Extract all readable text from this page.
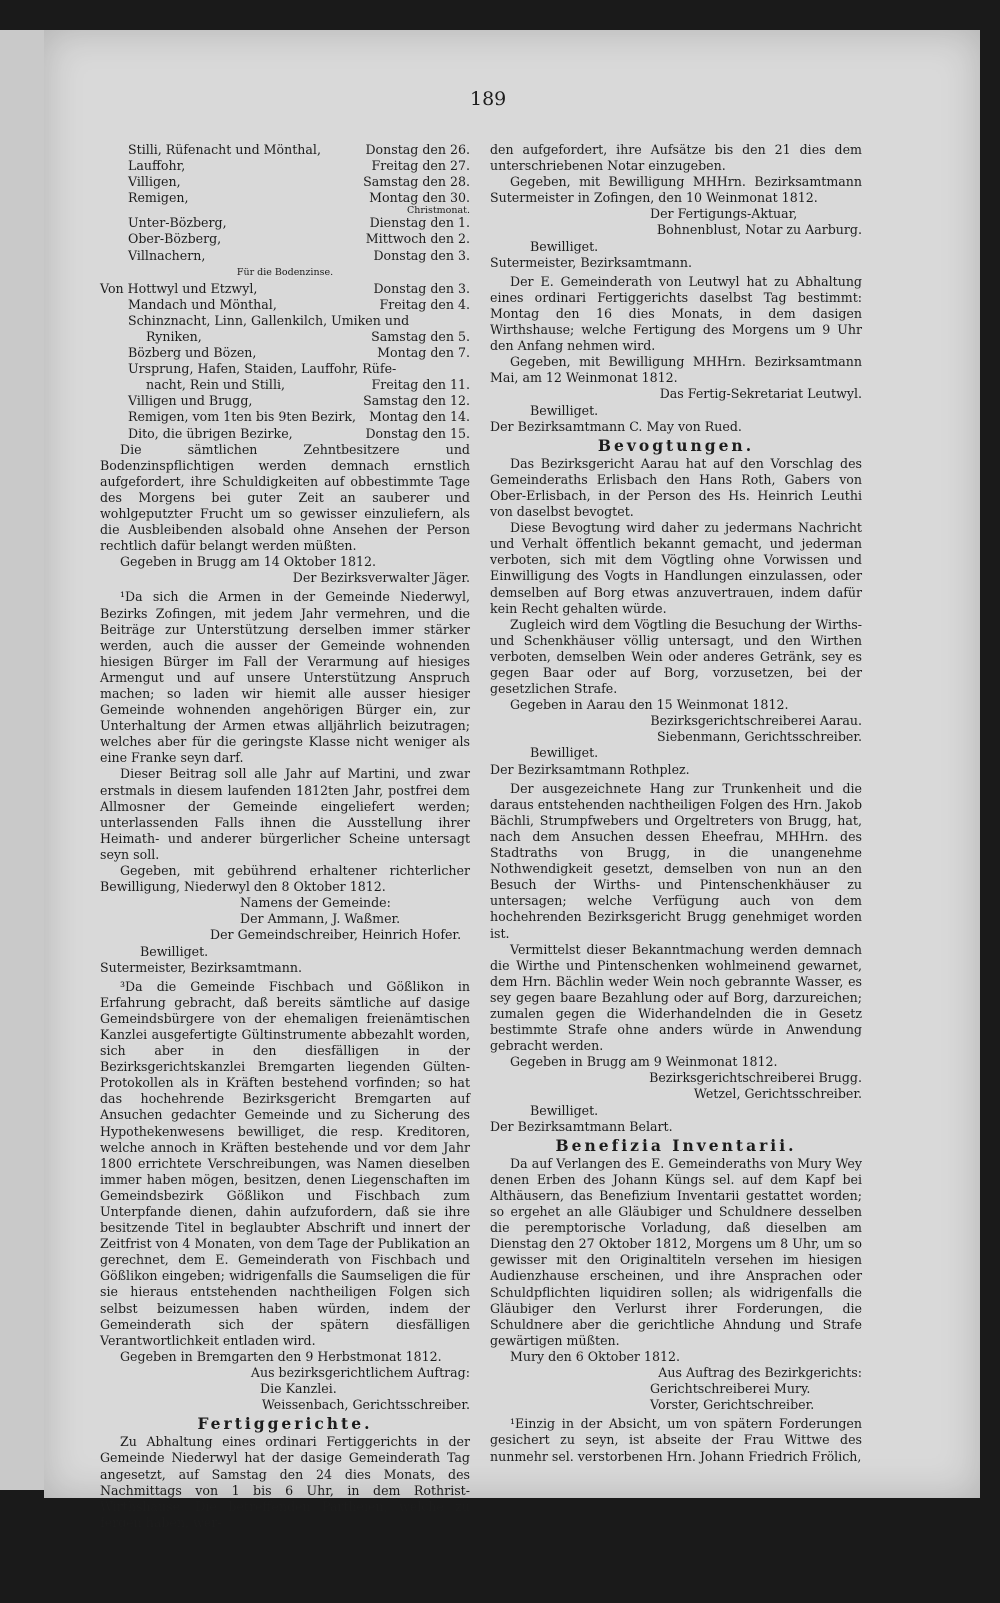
189
Stilli, Rüfenacht und Mönthal,	Donstag den 26.
Lauffohr,	Freitag den 27.
Villigen,	Samstag den 28.
Remigen,	Montag den 30.
Christmonat.
Unter-Bözberg,	Dienstag den 1.
Ober-Bözberg,	Mittwoch den 2.
Villnachern,	Donstag den 3.
Für die Bodenzinse.
Von Hottwyl und Etzwyl,	Donstag den 3.
Mandach und Mönthal,	Freitag den 4.
Schinznacht, Linn, Gallenkilch, Umiken und
Ryniken,	Samstag den 5.
Bözberg und Bözen,	Montag den 7.
Ursprung, Hafen, Staiden, Lauffohr, Rüfe-
nacht, Rein und Stilli,	Freitag den 11.
Villigen und Brugg,	Samstag den 12.
Remigen, vom 1ten bis 9ten Bezirk, Montag den 14.
Dito, die übrigen Bezirke,	Donstag den 15.

Die sämtlichen Zehntbesitzere und Bodenzinspflichtigen werden demnach ernstlich aufgefordert, ihre Schuldigkeiten auf obbestimmte Tage des Morgens bei guter Zeit an sauberer und wohlgeputzter Frucht um so gewisser einzuliefern, als die Ausbleibenden alsobald ohne Ansehen der Person rechtlich dafür belangt werden müßten.

Gegeben in Brugg am 14 Oktober 1812.

Der Bezirksverwalter Jäger.

¹Da sich die Armen in der Gemeinde Niederwyl, Bezirks Zofingen, mit jedem Jahr vermehren, und die Beiträge zur Unterstützung derselben immer stärker werden, auch die ausser der Gemeinde wohnenden hiesigen Bürger im Fall der Verarmung auf hiesiges Armengut und auf unsere Unterstützung Anspruch machen; so laden wir hiemit alle ausser hiesiger Gemeinde wohnenden angehörigen Bürger ein, zur Unterhaltung der Armen etwas alljährlich beizutragen; welches aber für die geringste Klasse nicht weniger als eine Franke seyn darf.

Dieser Beitrag soll alle Jahr auf Martini, und zwar erstmals in diesem laufenden 1812ten Jahr, postfrei dem Allmosner der Gemeinde eingeliefert werden; unterlassenden Falls ihnen die Ausstellung ihrer Heimath- und anderer bürgerlicher Scheine untersagt seyn soll.

Gegeben, mit gebührend erhaltener richterlicher Bewilligung, Niederwyl den 8 Oktober 1812.

Namens der Gemeinde:

Der Ammann, J. Waßmer.

Der Gemeindschreiber, Heinrich Hofer.

Bewilliget.

Sutermeister, Bezirksamtmann.

³Da die Gemeinde Fischbach und Gößlikon in Erfahrung gebracht, daß bereits sämtliche auf dasige Gemeindsbürgere von der ehemaligen freienämtischen Kanzlei ausgefertigte Gültinstrumente abbezahlt worden, sich aber in den diesfälligen in der Bezirksgerichtskanzlei Bremgarten liegenden Gülten-Protokollen als in Kräften bestehend vorfinden; so hat das hochehrende Bezirksgericht Bremgarten auf Ansuchen gedachter Gemeinde und zu Sicherung des Hypothekenwesens bewilliget, die resp. Kreditoren, welche annoch in Kräften bestehende und vor dem Jahr 1800 errichtete Verschreibungen, was Namen dieselben immer haben mögen, besitzen, denen Liegenschaften im Gemeindsbezirk Gößlikon und Fischbach zum Unterpfande dienen, dahin aufzufordern, daß sie ihre besitzende Titel in beglaubter Abschrift und innert der Zeitfrist von 4 Monaten, von dem Tage der Publikation an gerechnet, dem E. Gemeinderath von Fischbach und Gößlikon eingeben; widrigenfalls die Saumseligen die für sie hieraus entstehenden nachtheiligen Folgen sich selbst beizumessen haben würden, indem der Gemeinderath sich der spätern diesfälligen Verantwortlichkeit entladen wird.

Gegeben in Bremgarten den 9 Herbstmonat 1812.

Aus bezirksgerichtlichem Auftrag:

Die Kanzlei.

Weissenbach, Gerichtsschreiber.

Fertiggerichte.

Zu Abhaltung eines ordinari Fertiggerichts in der Gemeinde Niederwyl hat der dasige Gemeinderath Tag angesetzt, auf Samstag den 24 dies Monats, des Nachmittags von 1 bis 6 Uhr, in dem Rothrist-Wirthshause. Die betreffenden Partheien, welche zu fergen haben, wer-

den aufgefordert, ihre Aufsätze bis den 21 dies dem unterschriebenen Notar einzugeben.

Gegeben, mit Bewilligung MHHrn. Bezirksamtmann Sutermeister in Zofingen, den 10 Weinmonat 1812.

Der Fertigungs-Aktuar,

Bohnenblust, Notar zu Aarburg.

Bewilliget.

Sutermeister, Bezirksamtmann.

Der E. Gemeinderath von Leutwyl hat zu Abhaltung eines ordinari Fertiggerichts daselbst Tag bestimmt: Montag den 16 dies Monats, in dem dasigen Wirthshause; welche Fertigung des Morgens um 9 Uhr den Anfang nehmen wird.

Gegeben, mit Bewilligung MHHrn. Bezirksamtmann Mai, am 12 Weinmonat 1812.

Das Fertig-Sekretariat Leutwyl.

Bewilliget.

Der Bezirksamtmann C. May von Rued.

Bevogtungen.

Das Bezirksgericht Aarau hat auf den Vorschlag des Gemeinderaths Erlisbach den Hans Roth, Gabers von Ober-Erlisbach, in der Person des Hs. Heinrich Leuthi von daselbst bevogtet.

Diese Bevogtung wird daher zu jedermans Nachricht und Verhalt öffentlich bekannt gemacht, und jederman verboten, sich mit dem Vögtling ohne Vorwissen und Einwilligung des Vogts in Handlungen einzulassen, oder demselben auf Borg etwas anzuvertrauen, indem dafür kein Recht gehalten würde.

Zugleich wird dem Vögtling die Besuchung der Wirths- und Schenkhäuser völlig untersagt, und den Wirthen verboten, demselben Wein oder anderes Getränk, sey es gegen Baar oder auf Borg, vorzusetzen, bei der gesetzlichen Strafe.

Gegeben in Aarau den 15 Weinmonat 1812.

Bezirksgerichtschreiberei Aarau.

Siebenmann, Gerichtsschreiber.

Bewilliget.

Der Bezirksamtmann Rothplez.

Der ausgezeichnete Hang zur Trunkenheit und die daraus entstehenden nachtheiligen Folgen des Hrn. Jakob Bächli, Strumpfwebers und Orgeltreters von Brugg, hat, nach dem Ansuchen dessen Eheefrau, MHHrn. des Stadtraths von Brugg, in die unangenehme Nothwendigkeit gesetzt, demselben von nun an den Besuch der Wirths- und Pintenschenkhäuser zu untersagen; welche Verfügung auch von dem hochehrenden Bezirksgericht Brugg genehmiget worden ist.

Vermittelst dieser Bekanntmachung werden demnach die Wirthe und Pintenschenken wohlmeinend gewarnet, dem Hrn. Bächlin weder Wein noch gebrannte Wasser, es sey gegen baare Bezahlung oder auf Borg, darzureichen; zumalen gegen die Widerhandelnden die in Gesetz bestimmte Strafe ohne anders würde in Anwendung gebracht werden.

Gegeben in Brugg am 9 Weinmonat 1812.

Bezirksgerichtschreiberei Brugg.

Wetzel, Gerichtsschreiber.

Bewilliget.

Der Bezirksamtmann Belart.

Benefizia Inventarii.

Da auf Verlangen des E. Gemeinderaths von Mury Wey denen Erben des Johann Küngs sel. auf dem Kapf bei Althäusern, das Benefizium Inventarii gestattet worden; so ergehet an alle Gläubiger und Schuldnere desselben die peremptorische Vorladung, daß dieselben am Dienstag den 27 Oktober 1812, Morgens um 8 Uhr, um so gewisser mit den Originaltiteln versehen im hiesigen Audienzhause erscheinen, und ihre Ansprachen oder Schuldpflichten liquidiren sollen; als widrigenfalls die Gläubiger den Verlurst ihrer Forderungen, die Schuldnere aber die gerichtliche Ahndung und Strafe gewärtigen müßten.

Mury den 6 Oktober 1812.

Aus Auftrag des Bezirkgerichts:

Gerichtschreiberei Mury.

Vorster, Gerichtschreiber.

¹Einzig in der Absicht, um von spätern Forderungen gesichert zu seyn, ist abseite der Frau Wittwe des nunmehr sel. verstorbenen Hrn. Johann Friedrich Frölich,
